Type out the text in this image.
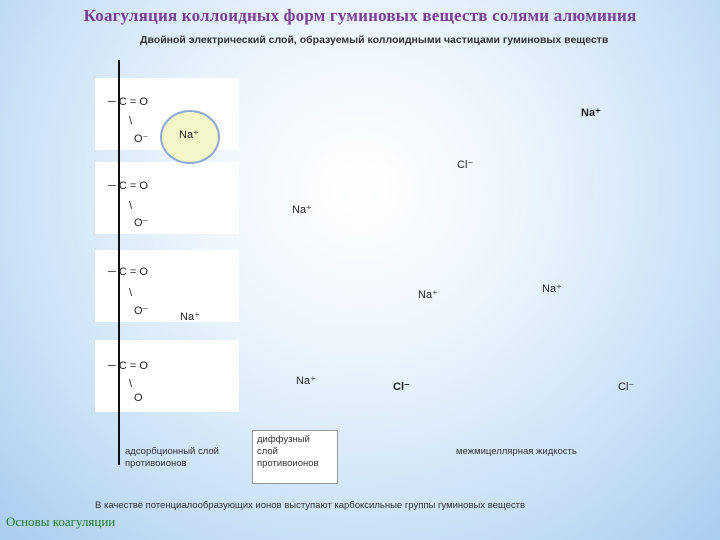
Коагуляция коллоидных форм гуминовых веществ солями алюминия
Двойной электрический слой, образуемый коллоидными частицами гуминовых веществ
─ C = O
\
O⁻
─ C = O
\
O⁻
─ C = O
\
O⁻
─ C = O
\
O
Na⁺
Na⁺
Cl⁻
Na⁺
Na⁺
Na⁺
Na⁺
Na⁺	Cl⁻	Cl⁻
адсорбционный слой противоионов
диффузный слой противоионов
межмицеллярная жидкость
В качестве потенциалообразующих ионов выступают карбоксильные группы гуминовых веществ
Основы коагуляции
